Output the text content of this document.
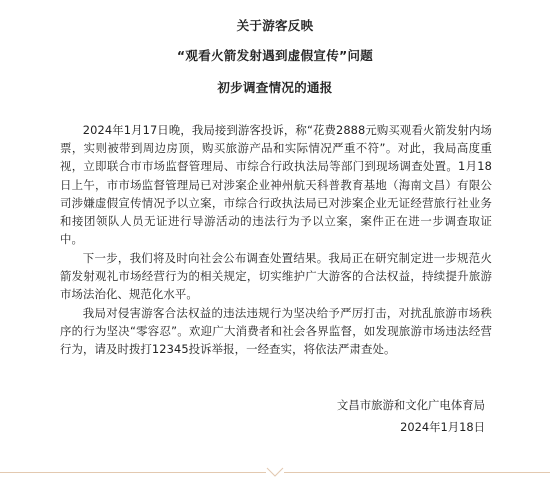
关于游客反映
“观看火箭发射遇到虚假宣传”问题
初步调查情况的通报

2024年1月17日晚，我局接到游客投诉，称“花费2888元购买观看火箭发射内场票，实则被带到周边房顶，购买旅游产品和实际情况严重不符”。对此，我局高度重视，立即联合市市场监督管理局、市综合行政执法局等部门到现场调查处置。1月18日上午，市市场监督管理局已对涉案企业神州航天科普教育基地（海南文昌）有限公司涉嫌虚假宣传情况予以立案，市综合行政执法局已对涉案企业无证经营旅行社业务和接团领队人员无证进行导游活动的违法行为予以立案，案件正在进一步调查取证中。

下一步，我们将及时向社会公布调查处置结果。我局正在研究制定进一步规范火箭发射观礼市场经营行为的相关规定，切实维护广大游客的合法权益，持续提升旅游市场法治化、规范化水平。

我局对侵害游客合法权益的违法违规行为坚决给予严厉打击，对扰乱旅游市场秩序的行为坚决“零容忍”。欢迎广大消费者和社会各界监督，如发现旅游市场违法经营行为，请及时拨打12345投诉举报，一经查实，将依法严肃查处。

文昌市旅游和文化广电体育局
2024年1月18日
